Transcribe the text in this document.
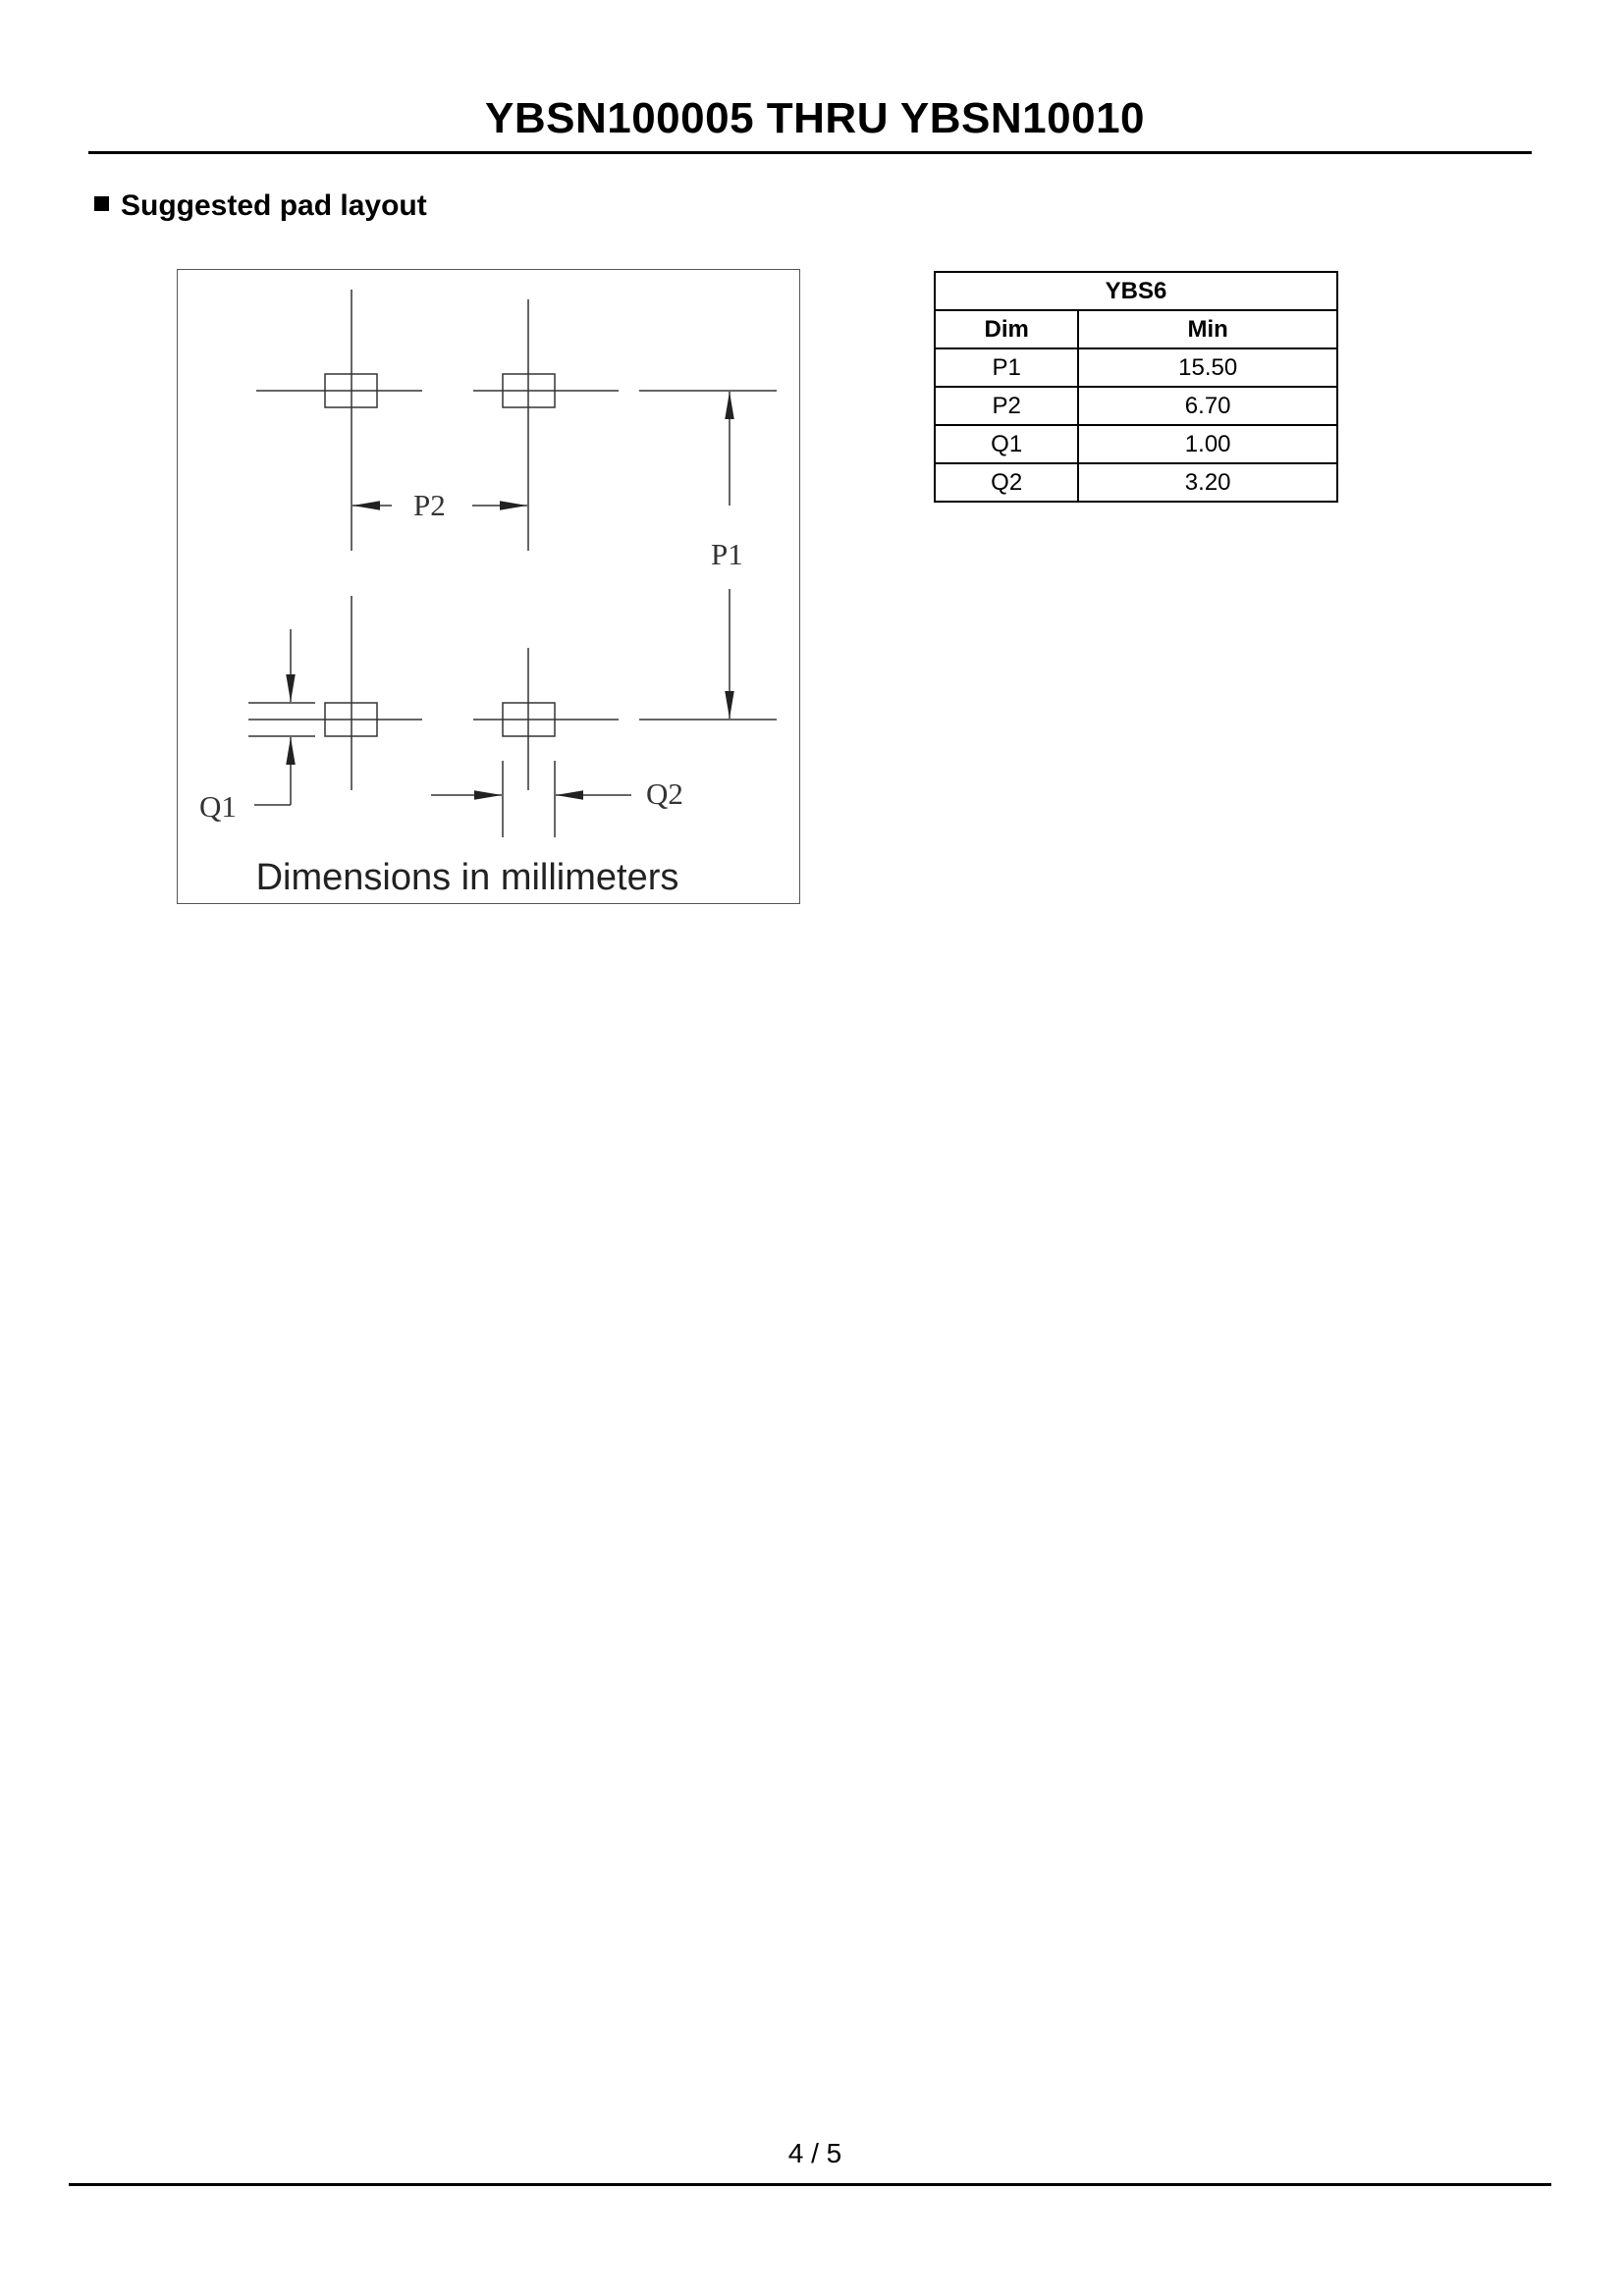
YBSN100005 THRU YBSN10010
Suggested pad layout
P2
P1
Q1	Q2
Dimensions in millimeters
YBS6	
Dim	Min
P1	15.50
P2	6.70
Q1	1.00
Q2	3.20
4 / 5
